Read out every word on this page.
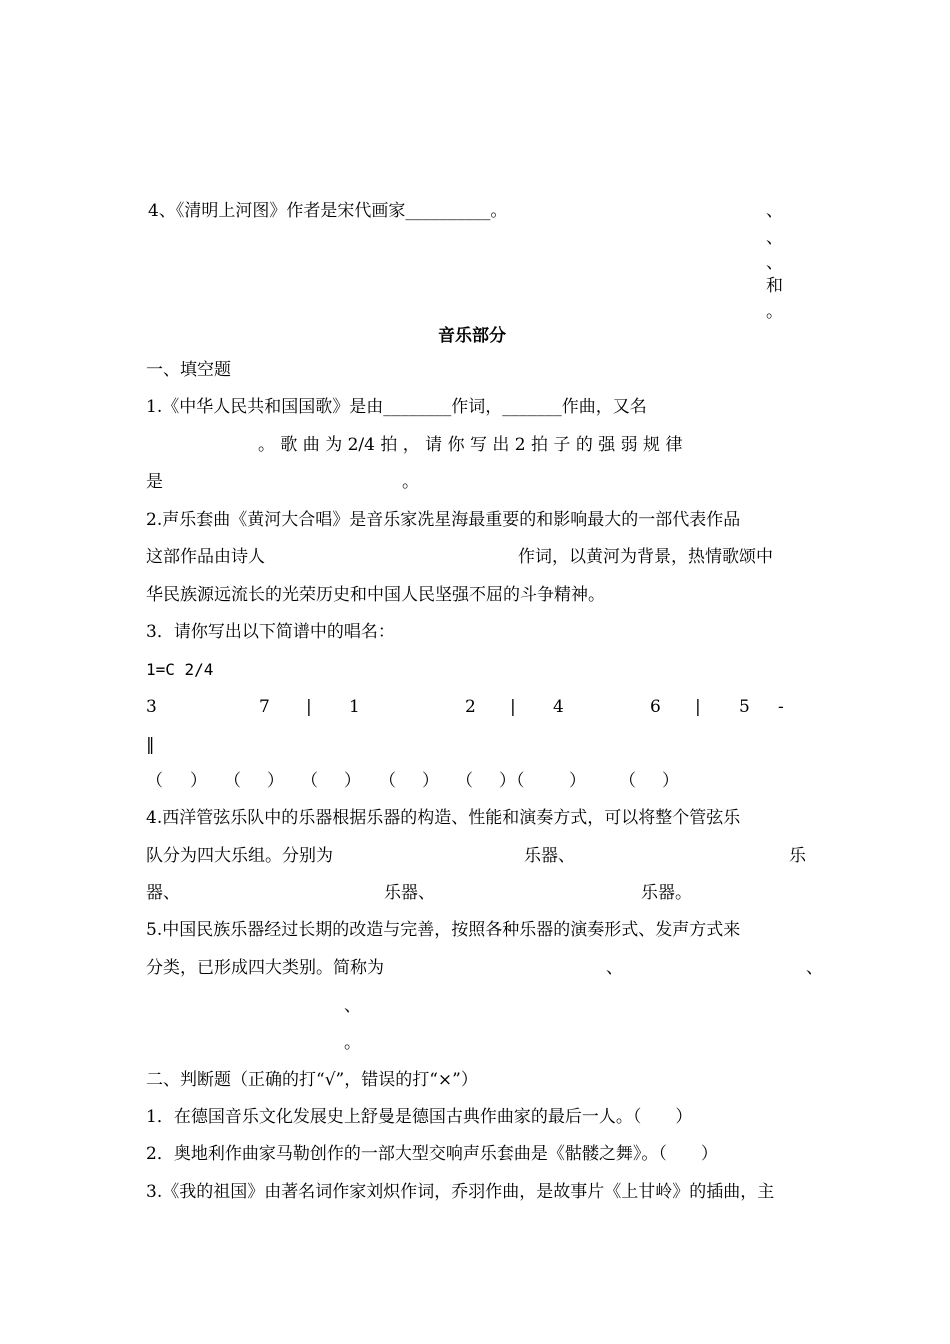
4、《清明上河图》作者是宋代画家__________。	、
、
、
和
。
音乐部分
一、填空题
1.《中华人民共和国国歌》是由________作词，_______作曲，又名
。 歌 曲 为 2/4 拍 ， 请 你 写 出 2 拍 子 的 强 弱 规 律
是	。
2.声乐套曲《黄河大合唱》是音乐家冼星海最重要的和影响最大的一部代表作品
这部作品由诗人	作词，以黄河为背景，热情歌颂中
华民族源远流长的光荣历史和中国人民坚强不屈的斗争精神。
3．请你写出以下简谱中的唱名：
1=C 2/4
3	7 | 1	2 | 4	6 | 5 -
‖
（ ） （ ） （ ） （ ） （ ）（	） （ ）
4.西洋管弦乐队中的乐器根据乐器的构造、性能和演奏方式，可以将整个管弦乐
队分为四大乐组。分别为	乐器、	乐
器、	乐器、	乐器。
5.中国民族乐器经过长期的改造与完善，按照各种乐器的演奏形式、发声方式来
分类，已形成四大类别。简称为	、	、
、
。
二、判断题（正确的打“√”，错误的打“×”）
1．在德国音乐文化发展史上舒曼是德国古典作曲家的最后一人。（　　）
2．奥地利作曲家马勒创作的一部大型交响声乐套曲是《骷髅之舞》。（　　）
3.《我的祖国》由著名词作家刘炽作词，乔羽作曲，是故事片《上甘岭》的插曲，主
